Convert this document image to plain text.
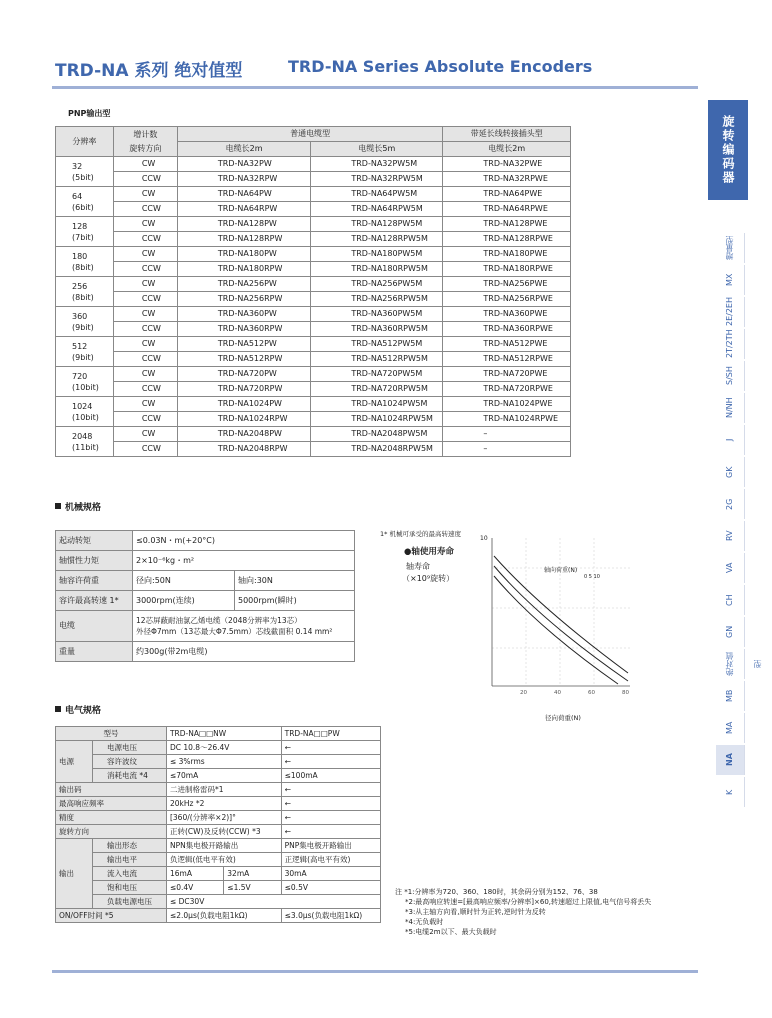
TRD-NA 系列 绝对值型	TRD-NA Series Absolute Encoders
PNP输出型
分辨率	增计数
旋转方向	普通电缆型		带延长线转接插头型
		电缆长2m	电缆长5m	电缆长2m
32
(5bit)	CW	TRD-NA32PW	TRD-NA32PW5M	TRD-NA32PWE
	CCW	TRD-NA32RPW	TRD-NA32RPW5M	TRD-NA32RPWE
64
(6bit)	CW	TRD-NA64PW	TRD-NA64PW5M	TRD-NA64PWE
	CCW	TRD-NA64RPW	TRD-NA64RPW5M	TRD-NA64RPWE
128
(7bit)	CW	TRD-NA128PW	TRD-NA128PW5M	TRD-NA128PWE
	CCW	TRD-NA128RPW	TRD-NA128RPW5M	TRD-NA128RPWE
180
(8bit)	CW	TRD-NA180PW	TRD-NA180PW5M	TRD-NA180PWE
	CCW	TRD-NA180RPW	TRD-NA180RPW5M	TRD-NA180RPWE
256
(8bit)	CW	TRD-NA256PW	TRD-NA256PW5M	TRD-NA256PWE
	CCW	TRD-NA256RPW	TRD-NA256RPW5M	TRD-NA256RPWE
360
(9bit)	CW	TRD-NA360PW	TRD-NA360PW5M	TRD-NA360PWE
	CCW	TRD-NA360RPW	TRD-NA360RPW5M	TRD-NA360RPWE
512
(9bit)	CW	TRD-NA512PW	TRD-NA512PW5M	TRD-NA512PWE
	CCW	TRD-NA512RPW	TRD-NA512RPW5M	TRD-NA512RPWE
720
(10bit)	CW	TRD-NA720PW	TRD-NA720PW5M	TRD-NA720PWE
	CCW	TRD-NA720RPW	TRD-NA720RPW5M	TRD-NA720RPWE
1024
(10bit)	CW	TRD-NA1024PW	TRD-NA1024PW5M	TRD-NA1024PWE
	CCW	TRD-NA1024RPW	TRD-NA1024RPW5M	TRD-NA1024RPWE
2048
(11bit)	CW	TRD-NA2048PW	TRD-NA2048PW5M	–
	CCW	TRD-NA2048RPW	TRD-NA2048RPW5M	–
机械规格
起动转矩	≤0.03N・m(+20°C)	
轴惯性力矩	2×10⁻⁶kg・m²	
轴容许荷重	径向:50N	轴向:30N
容许最高转速 1*	3000rpm(连续)	5000rpm(瞬时)
电缆	12芯屏蔽耐油氯乙烯电缆（2048分辨率为13芯）
外径Φ7mm（13芯最大Φ7.5mm）芯线截面积 0.14 mm²	
重量	约300g(带2m电缆)	
1* 机械可承受的最高转速度
●轴使用寿命
轴寿命
（×10⁹旋转）
10
轴向荷重(N)
0 5 10
20	40	60	80
径向荷重(N)
电气规格
型号		TRD-NA□□NW		TRD-NA□□PW
电源	电源电压	DC 10.8～26.4V		←
	容许波纹	≤ 3%rms		←
	消耗电流 *4	≤70mA		≤100mA
输出码		二进制格雷码*1		←
最高响应频率		20kHz *2		←
精度		[360/(分辨率×2)]°		←
旋转方向		正转(CW)及反转(CCW) *3		←
输出	输出形态	NPN集电极开路输出		PNP集电极开路输出
	输出电平	负逻辑(低电平有效)		正逻辑(高电平有效)
	流入电流	16mA	32mA	30mA
	饱和电压	≤0.4V	≤1.5V	≤0.5V
	负载电源电压	≤ DC30V		
ON/OFF时间 *5		≤2.0μs(负载电阻1kΩ)		≤3.0μs(负载电阻1kΩ)
注 *1:分辨率为720、360、180时，其余码分别为152、76、38
*2:最高响应转速=[最高响应频率/分辨率]×60,转速超过上限值,电气信号将丢失
*3:从主轴方向看,顺时针为正转,逆时针为反转
*4:无负载时
*5:电缆2m以下、最大负载时
旋转编码器
增量型
MX
2E/2EH
2T/2TH
S/SH
N/NH
J
GK
2G
RV
VA
CH
GN
绝对值型
MB
MA
NA
K
